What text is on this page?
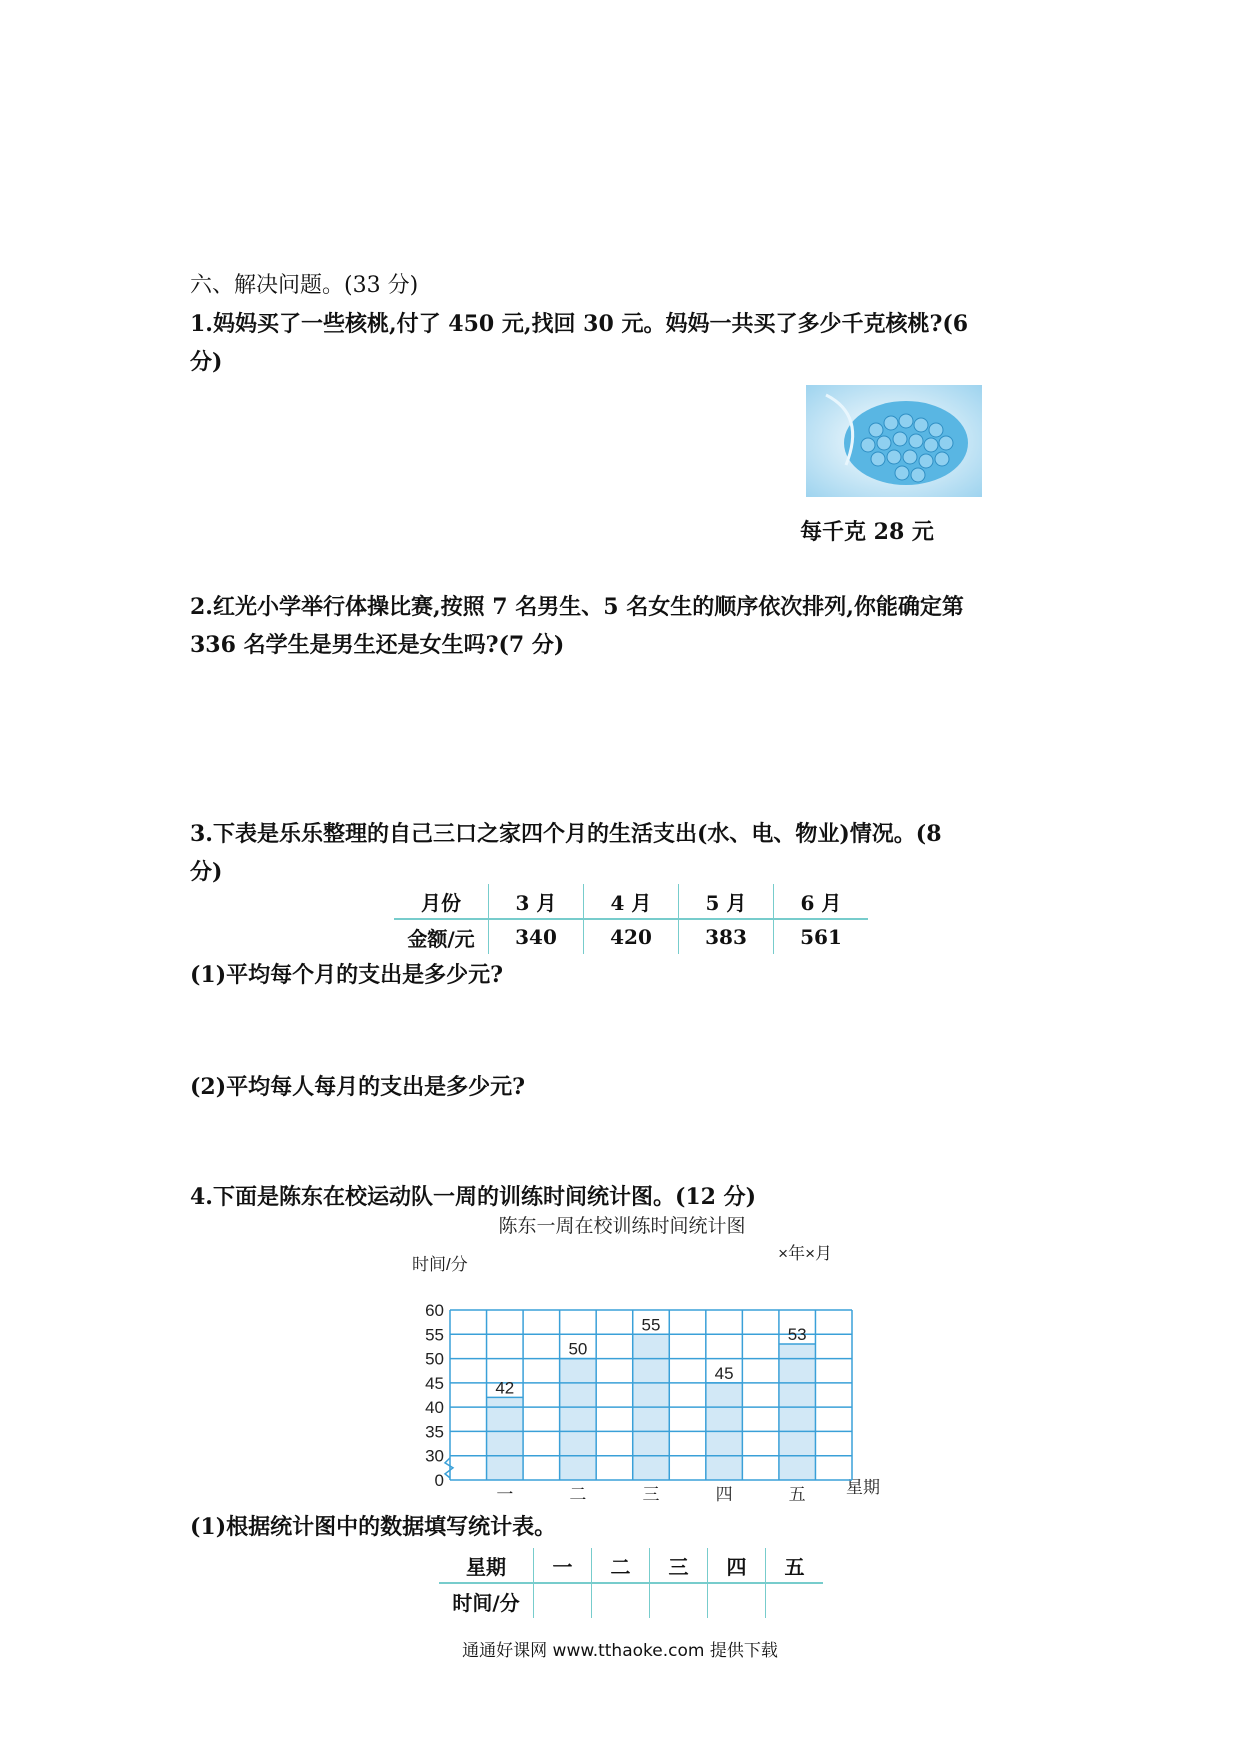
六、解决问题。(33 分)
1.妈妈买了一些核桃,付了 450 元,找回 30 元。妈妈一共买了多少千克核桃?(6
分)
每千克 28 元
2.红光小学举行体操比赛,按照 7 名男生、5 名女生的顺序依次排列,你能确定第
336 名学生是男生还是女生吗?(7 分)
3.下表是乐乐整理的自己三口之家四个月的生活支出(水、电、物业)情况。(8
分)
月份	3 月	4 月	5 月	6 月
金额/元	340	420	383	561
(1)平均每个月的支出是多少元?
(2)平均每人每月的支出是多少元?
4.下面是陈东在校运动队一周的训练时间统计图。(12 分)
陈东一周在校训练时间统计图
×年×月
时间/分
星期
42
50
55
45
53
60
55
50
45
40
35
30
0
一	二	三	四	五
(1)根据统计图中的数据填写统计表。
星期	一	二	三	四	五
时间/分					
通通好课网 www.tthaoke.com 提供下载
